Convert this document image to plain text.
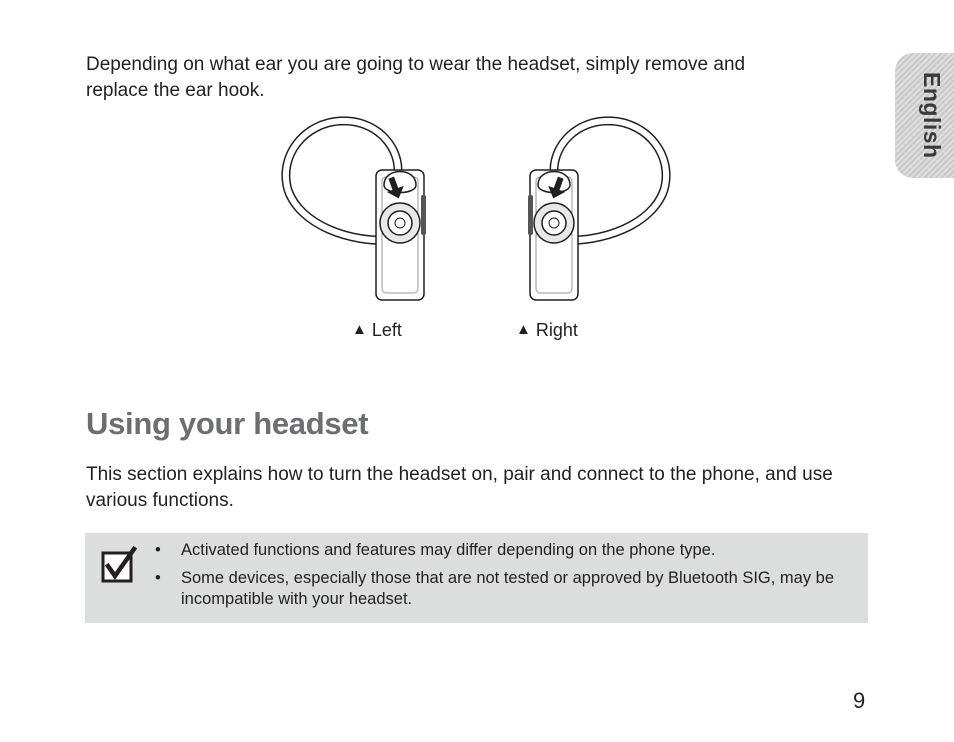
Depending on what ear you are going to wear the headset, simply remove and replace the ear hook.	English
▲ Left	▲ Right
Using your headset

This section explains how to turn the headset on, pair and connect to the phone, and use various functions.

• Activated functions and features may differ depending on the phone type.
• Some devices, especially those that are not tested or approved by Bluetooth SIG, may be incompatible with your headset.
9
